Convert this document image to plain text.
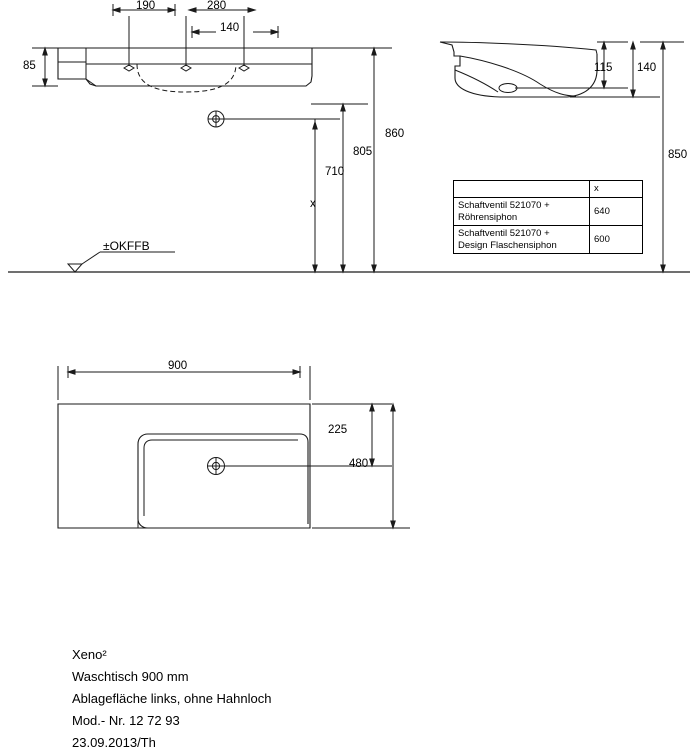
190	280
140
85
710
805
860
x
±OKFFB
115 140
850
900
225
480
	x
Schaftventil 521070 +
Röhrensiphon	640
Schaftventil 521070 +
Design Flaschensiphon	600
Xeno²
Waschtisch 900 mm
Ablagefläche links, ohne Hahnloch
Mod.- Nr. 12 72 93
23.09.2013/Th
